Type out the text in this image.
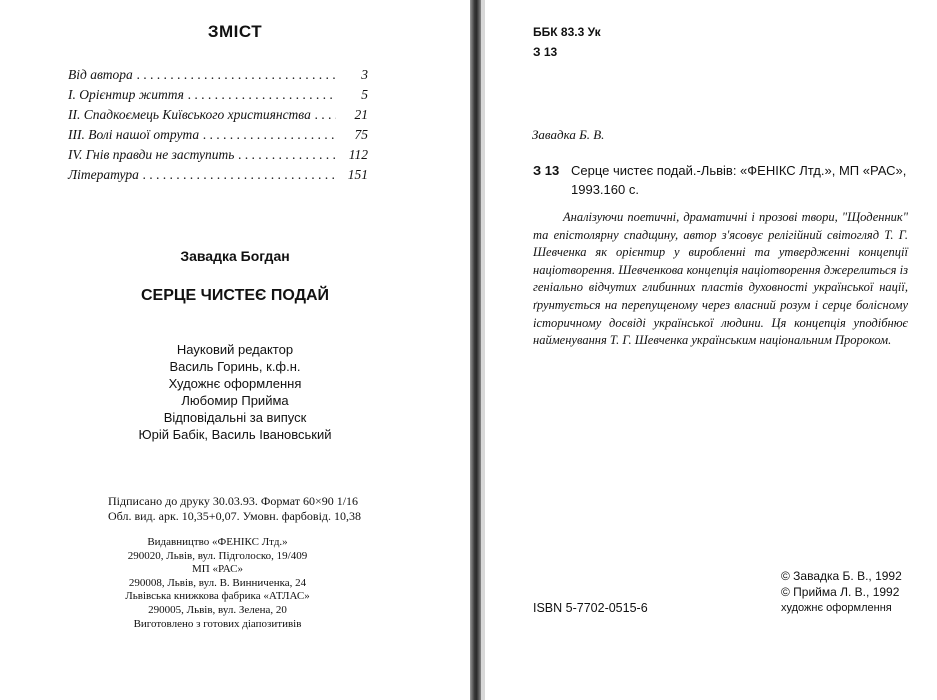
ЗМІСТ
Від автора . . .	3
I. Орієнтир життя . . .	5
II. Спадкоємець Київського християнства . . .	21
III. Волі нашої отрута . . .	75
IV. Гнів правди не заступить . . .	112
Література . . .	151
Завадка Богдан
СЕРЦЕ ЧИСТЕЄ ПОДАЙ
Науковий редактор
Василь Горинь, к.ф.н.
Художнє оформлення
Любомир Прийма
Відповідальні за випуск
Юрій Бабік, Василь Івановський
Підписано до друку 30.03.93. Формат 60×90 1/16
Обл. вид. арк. 10,35+0,07. Умовн. фарбовід. 10,38
Видавництво «ФЕНІКС Лтд.»
290020, Львів, вул. Підголоско, 19/409
МП «РАС»
290008, Львів, вул. В. Винниченка, 24
Львівська книжкова фабрика «АТЛАС»
290005, Львів, вул. Зелена, 20
Виготовлено з готових діапозитивів
ББК 83.3 Ук
З 13
Завадка Б. В.
З 13 Серце чистеє подай.-Львів: «ФЕНІКС Лтд.», МП «РАС», 1993.160 с.
Аналізуючи поетичні, драматичні і прозові твори, "Щоденник" та епістолярну спадщину, автор з'ясовує релігійний світогляд Т. Г. Шевченка як орієнтир у виробленні та утвердженні концепції націотворення. Шевченкова концепція націотворення джерелиться із геніально відчутих глибинних пластів духовності української нації, ґрунтується на перепущеному через власний розум і серце болісному історичному досвіді української людини. Ця концепція уподібнює найменування Т. Г. Шевченка українським національним Пророком.
© Завадка Б. В., 1992
© Прийма Л. В., 1992
художнє оформлення
ISBN 5-7702-0515-6
